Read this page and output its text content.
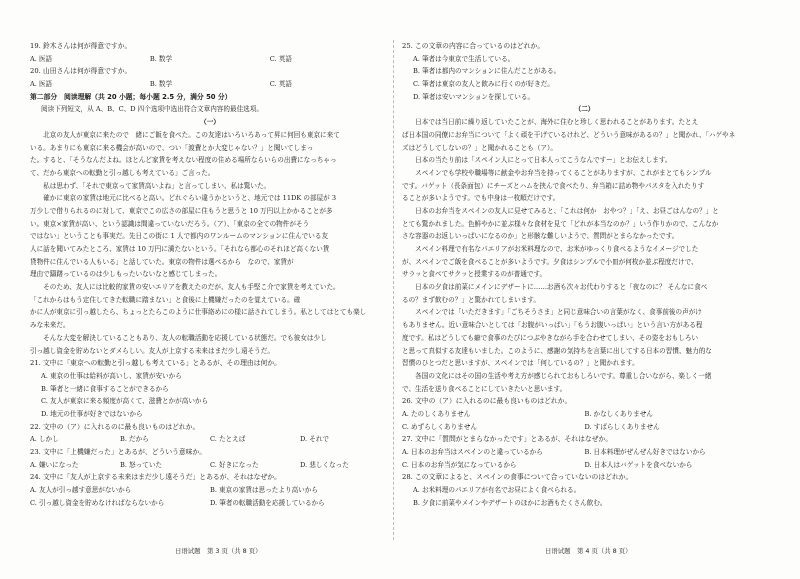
19. 鈴木さんは何が得意ですか。
A. 医語	B. 数学	C. 英語
20. 山田さんは何が得意ですか。
A. 医語	B. 数学	C. 英語
第二部分　阅读理解（共 20 小题；每小题 2.5 分，满分 50 分）
阅读下列短文，从 A、B、C、D 四个选项中选出符合文章内容的最佳选项。
（一）
　　北京の友人が東京に来たので　緒にご飯を食べた。この友達はいろいろあって昇に何回も東京に来て
いる。あまりにも東京に来る機会が高いので、つい「渡費とか大変じゃない？」と聞いてしまっ
た。すると、「そうなんだよね。ほとんど家賃を考えない程度の住める場所ならいらの出費になっちゃっ
て、だから東京への転勤と引っ越しも考えている」ご言った。
　　私は思わず、「それで東京って家賃高いよね」と言ってしまい、私は驚いた。
　　確かに東京の家賃は地元に比べると高い。どれぐらい違うかというと、地元では 11DK の部屋が 3
万少しで借りられるのに対して、東京でこの広さの部屋に住もうと思うと 10 万円以上かかることが多
い。東京×家賃が高い、という認識は間違っていないだろう。（ア）、「東京の全ての物件がそう
ではない」ということも事実だ。先日この街に 1 人で都内のワンルームのマンションに住んでいる友
人に話を聞いてみたところ、家賃は 10 万円に満たないという。「それなら都心のそれほど高くない賃
貸物件に住んでいる人もいる」と話していた。東京の物件は選べるから　なので、家賃が
理由で躊躇っているのは少しもったいないなと感じてしまった。
　　そのため、友人には比較的家賃の安いエリアを教えたのだが、友人も手堅こ介で家賃を考えていた。
「これからはもう定住してきた転職に踏まない」と食後に上機嫌だったのを覚えている。確
かに人が東京に引っ越したら、ちょっとたらこのように仕事絡めにの様に話されてしまう。私としてはとても楽し
みな未来だ。
　　そんな大変を解決していることもあり、友人の転職活動を応援している状態だ。でも彼女は少し
引っ越し資金を貯めないとダメらしい。友人が上京する未来はまだ少し遠そうだ。
21. 文中に「東京への転勤と引っ越しも考えている」とあるが、その理由は何か。
A. 東京の仕事は給料が高いし、家賃が安いから
B. 筆者と一緒に食事することができるから
C. 友人が東京に来る頻度が高くて、滋費とかが高いから
D. 地元の仕事が好きではないから
22. 文中の（ア）に入れるのに最も良いものはどれか。
A. しかし	B. だから	C. たとえば	D. それで
23. 文中に「上機嫌だった」とあるが、どういう意味か。
A. 嫌いになった	B. 怒っていた	C. 好きになった	D. 悲しくなった
24. 文中に「友人が上京する未来はまだ少し遠そうだ」とあるが、それはなぜか。
A. 友人が引っ越す意思がないから	B. 東京の家賃は思ったより高いから
C. 引っ越し資金を貯めなければならないから	D. 筆者の転職活動を応援しているから
25. この文章の内容に合っているのはどれか。
A. 筆者は今東京で生活している。
B. 筆者は都内のマンションに住んだことがある。
C. 筆者は東京の友人と飲みに行くのが好きだ。
D. 筆者は安いマンションを探している。
（二）
　　日本では当日前に繰り返していたことが、海外に住むと珍しく思われることがあります。たとえ
ば日本国の同僚にお弁当について「よく頑を干げているけれど、どういう意味があるの？」と聞かれ、「ハゲやネ
ズはどうしてしないの？」と聞かれることも（ア）。
　　日本の当たり前は「スペイン人にとって日本人ってこうなんですー」とお伝えします。
　　スペインでも学校や職場等に献金やお弁当を持ってくることがありますが、これがまとてもシンプル
です。バゲット（長条面包）にチーズとハムを挟んで食べたり、弁当箱に詰め物やパスタを入れたりす
ることが多いようです。でも中身は一枚順だけです。
　　日本のお弁当をスペインの友人に見せてみると、「これは何か　おやつ？」「え、お昼ごはんなの？」と
とても驚かれました。色鮮やかに並ぶ様々な食材を見て「どれが本当なのか？」いう作りかので、こんなか
さな容器のお返しいっぱいになるのか」と形骸な難しいようで、質問がとまらなかったです。
　　スペイン料理で有名なパエリアがお米料理なので、お米がゆっくり食べるようなイメージでした
が、スペインでご飯を食べることが多いようです。夕食はシンプルで小皿が何枚か並ぶ程度だけで、
サラッと食べてサクッと授業するのが普通です。
　　日本の夕食は前菜にメインにデザートに……お酒も次々お代わりすると「夜なのに？ そんなに食べ
るの？まず飲むの？」と驚かれてしまいます。
　　スペインでは「いただきます」「ごちそうさま」と同じ意味合いの言葉がなく、食事前後の声がけ
もありません。近い意味合いとしては「お腹がいっぱい」「もうお腹いっぱい」という言い方がある程
度です。私はどうしても癖で食事のたびにつぶやきながら手を合わせてしまい、その姿をおもしろい
と思って真似する友達もいました。このように、感謝の気持ちを言葉に出してする日本の習慣、魅力的な
習慣のひとつだと思いますが、スペインでは「何しているの？」と聞かれます。
　　各国の文化にはその国の生活や考え方が感じられておもしろいです。尊重し合いながら、楽しく一緒
で、生活を送り食べることにしていきたいと思います。
26. 文中の（ア）に入れるのに最も良いものはどれか。
A. たのしくありません	B. かなしくありません
C. めずらしくありません	D. すばらしくありません
27. 文中に「質問がとまらなかったです」とあるが、それはなぜか。
A. 日本のお弁当はスペインのと違っているから	B. 日本料理がぜんぜん好きではないから
C. 日本のお弁当が気になっているから	D. 日本人はバゲットを食べないから
28. この文章によると、スペインの食事について合っていないのはどれか。
A. お米料理のパエリアが有名でお昼によく食べられる。
B. 夕食に前菜やメインやデザートのほかにお酒もたくさん飲む。
日语试题　第 3 页（共 8 页）	日语试题　第 4 页（共 8 页）
